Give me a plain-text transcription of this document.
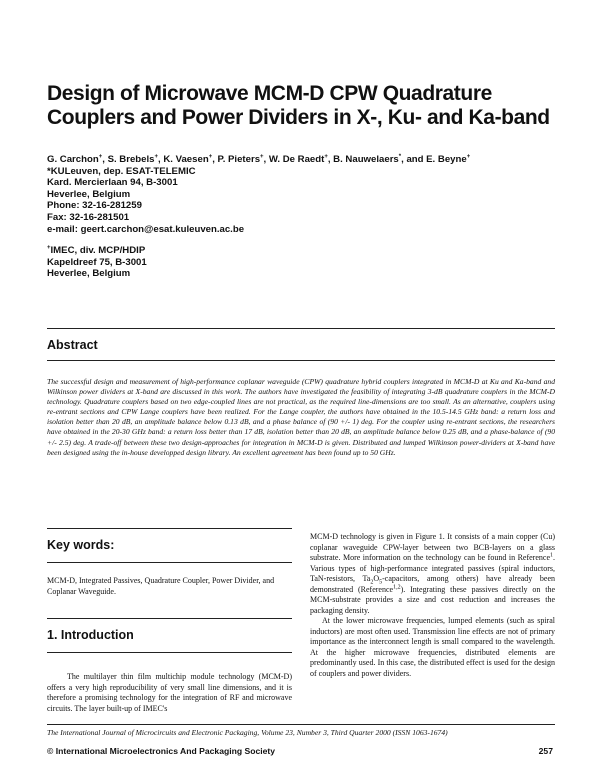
Design of Microwave MCM-D CPW Quadrature Couplers and Power Dividers in X-, Ku- and Ka-band
G. Carchon+, S. Brebels+, K. Vaesen+, P. Pieters+, W. De Raedt+, B. Nauwelaers*, and E. Beyne+
*KULeuven, dep. ESAT-TELEMIC
Kard. Mercierlaan 94, B-3001
Heverlee, Belgium
Phone: 32-16-281259
Fax: 32-16-281501
e-mail: geert.carchon@esat.kuleuven.ac.be
+IMEC, div. MCP/HDIP
Kapeldreef 75, B-3001
Heverlee, Belgium
Abstract
The successful design and measurement of high-performance coplanar waveguide (CPW) quadrature hybrid couplers integrated in MCM-D at Ku and Ka-band and Wilkinson power dividers at X-band are discussed in this work. The authors have investigated the feasibility of integrating 3-dB quadrature couplers in the MCM-D technology. Quadrature couplers based on two edge-coupled lines are not practical, as the required line-dimensions are too small. As an alternative, couplers using re-entrant sections and CPW Lange couplers have been realized. For the Lange coupler, the authors have obtained in the 10.5-14.5 GHz band: a return loss and isolation better than 20 dB, an amplitude balance below 0.13 dB, and a phase balance of (90 +/- 1) deg. For the coupler using re-entrant sections, the researchers have obtained in the 20-30 GHz band: a return loss better than 17 dB, isolation better than 20 dB, an amplitude balance below 0.25 dB, and a phase-balance of (90 +/- 2.5) deg. A trade-off between these two design-approaches for integration in MCM-D is given. Distributed and lumped Wilkinson power-dividers at X-band have been designed using the in-house developped design library. An excellent agreement has been found up to 50 GHz.
Key words:
MCM-D, Integrated Passives, Quadrature Coupler, Power Divider, and Coplanar Waveguide.
1. Introduction
The multilayer thin film multichip module technology (MCM-D) offers a very high reproducibility of very small line dimensions, and it is therefore a promising technology for the integration of RF and microwave circuits. The layer built-up of IMEC's

MCM-D technology is given in Figure 1. It consists of a main copper (Cu) coplanar waveguide CPW-layer between two BCB-layers on a glass substrate. More information on the technology can be found in Reference$^1$. Various types of high-performance integrated passives (spiral inductors, TaN-resistors, $Ta_2O_5$-capacitors, among others) have already been demonstrated (Reference$^{1,2}$). Integrating these passives directly on the MCM-substrate provides a size and cost reduction and increases the packaging density.

At the lower microwave frequencies, lumped elements (such as spiral inductors) are most often used. Transmission line effects are not of primary importance as the interconnect length is small compared to the wavelength. At the higher microwave frequencies, distributed elements are predominantly used. In this case, the distributed effect is used for the design of couplers and power dividers.

The International Journal of Microcircuits and Electronic Packaging, Volume 23, Number 3, Third Quarter 2000 (ISSN 1063-1674)
© International Microelectronics And Packaging Society	257
